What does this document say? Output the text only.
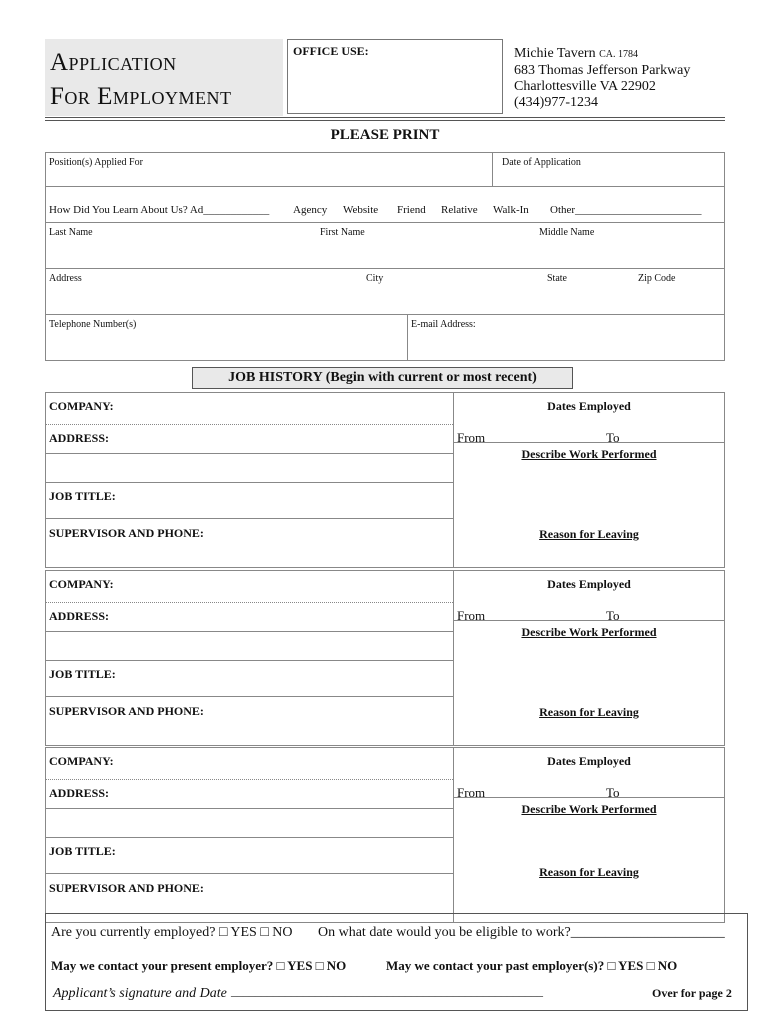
Application
For Employment
OFFICE USE:	Michie Tavern CA. 1784
683 Thomas Jefferson Parkway
Charlottesville VA 22902
(434)977-1234
PLEASE PRINT
Position(s) Applied For	Date of Application
How Did You Learn About Us? Ad____________ Agency Website Friend Relative Walk-In Other_______________________
Last Name	First Name	Middle Name
Address	City	State	Zip Code
Telephone Number(s)	E-mail Address:
JOB HISTORY (Begin with current or most recent)
COMPANY:
ADDRESS:
JOB TITLE:
SUPERVISOR AND PHONE:
Dates Employed
From	To
Describe Work Performed
Reason for Leaving
COMPANY:
ADDRESS:
JOB TITLE:
SUPERVISOR AND PHONE:
Dates Employed
From	To
Describe Work Performed
Reason for Leaving
COMPANY:
ADDRESS:
JOB TITLE:
SUPERVISOR AND PHONE:
Dates Employed
From	To
Describe Work Performed
Reason for Leaving
Are you currently employed? □ YES □ NO On what date would you be eligible to work?______________________
May we contact your present employer? □ YES □ NO	May we contact your past employer(s)? □ YES □ NO
Applicant’s signature and Date ____________________________________________________	Over for page 2
